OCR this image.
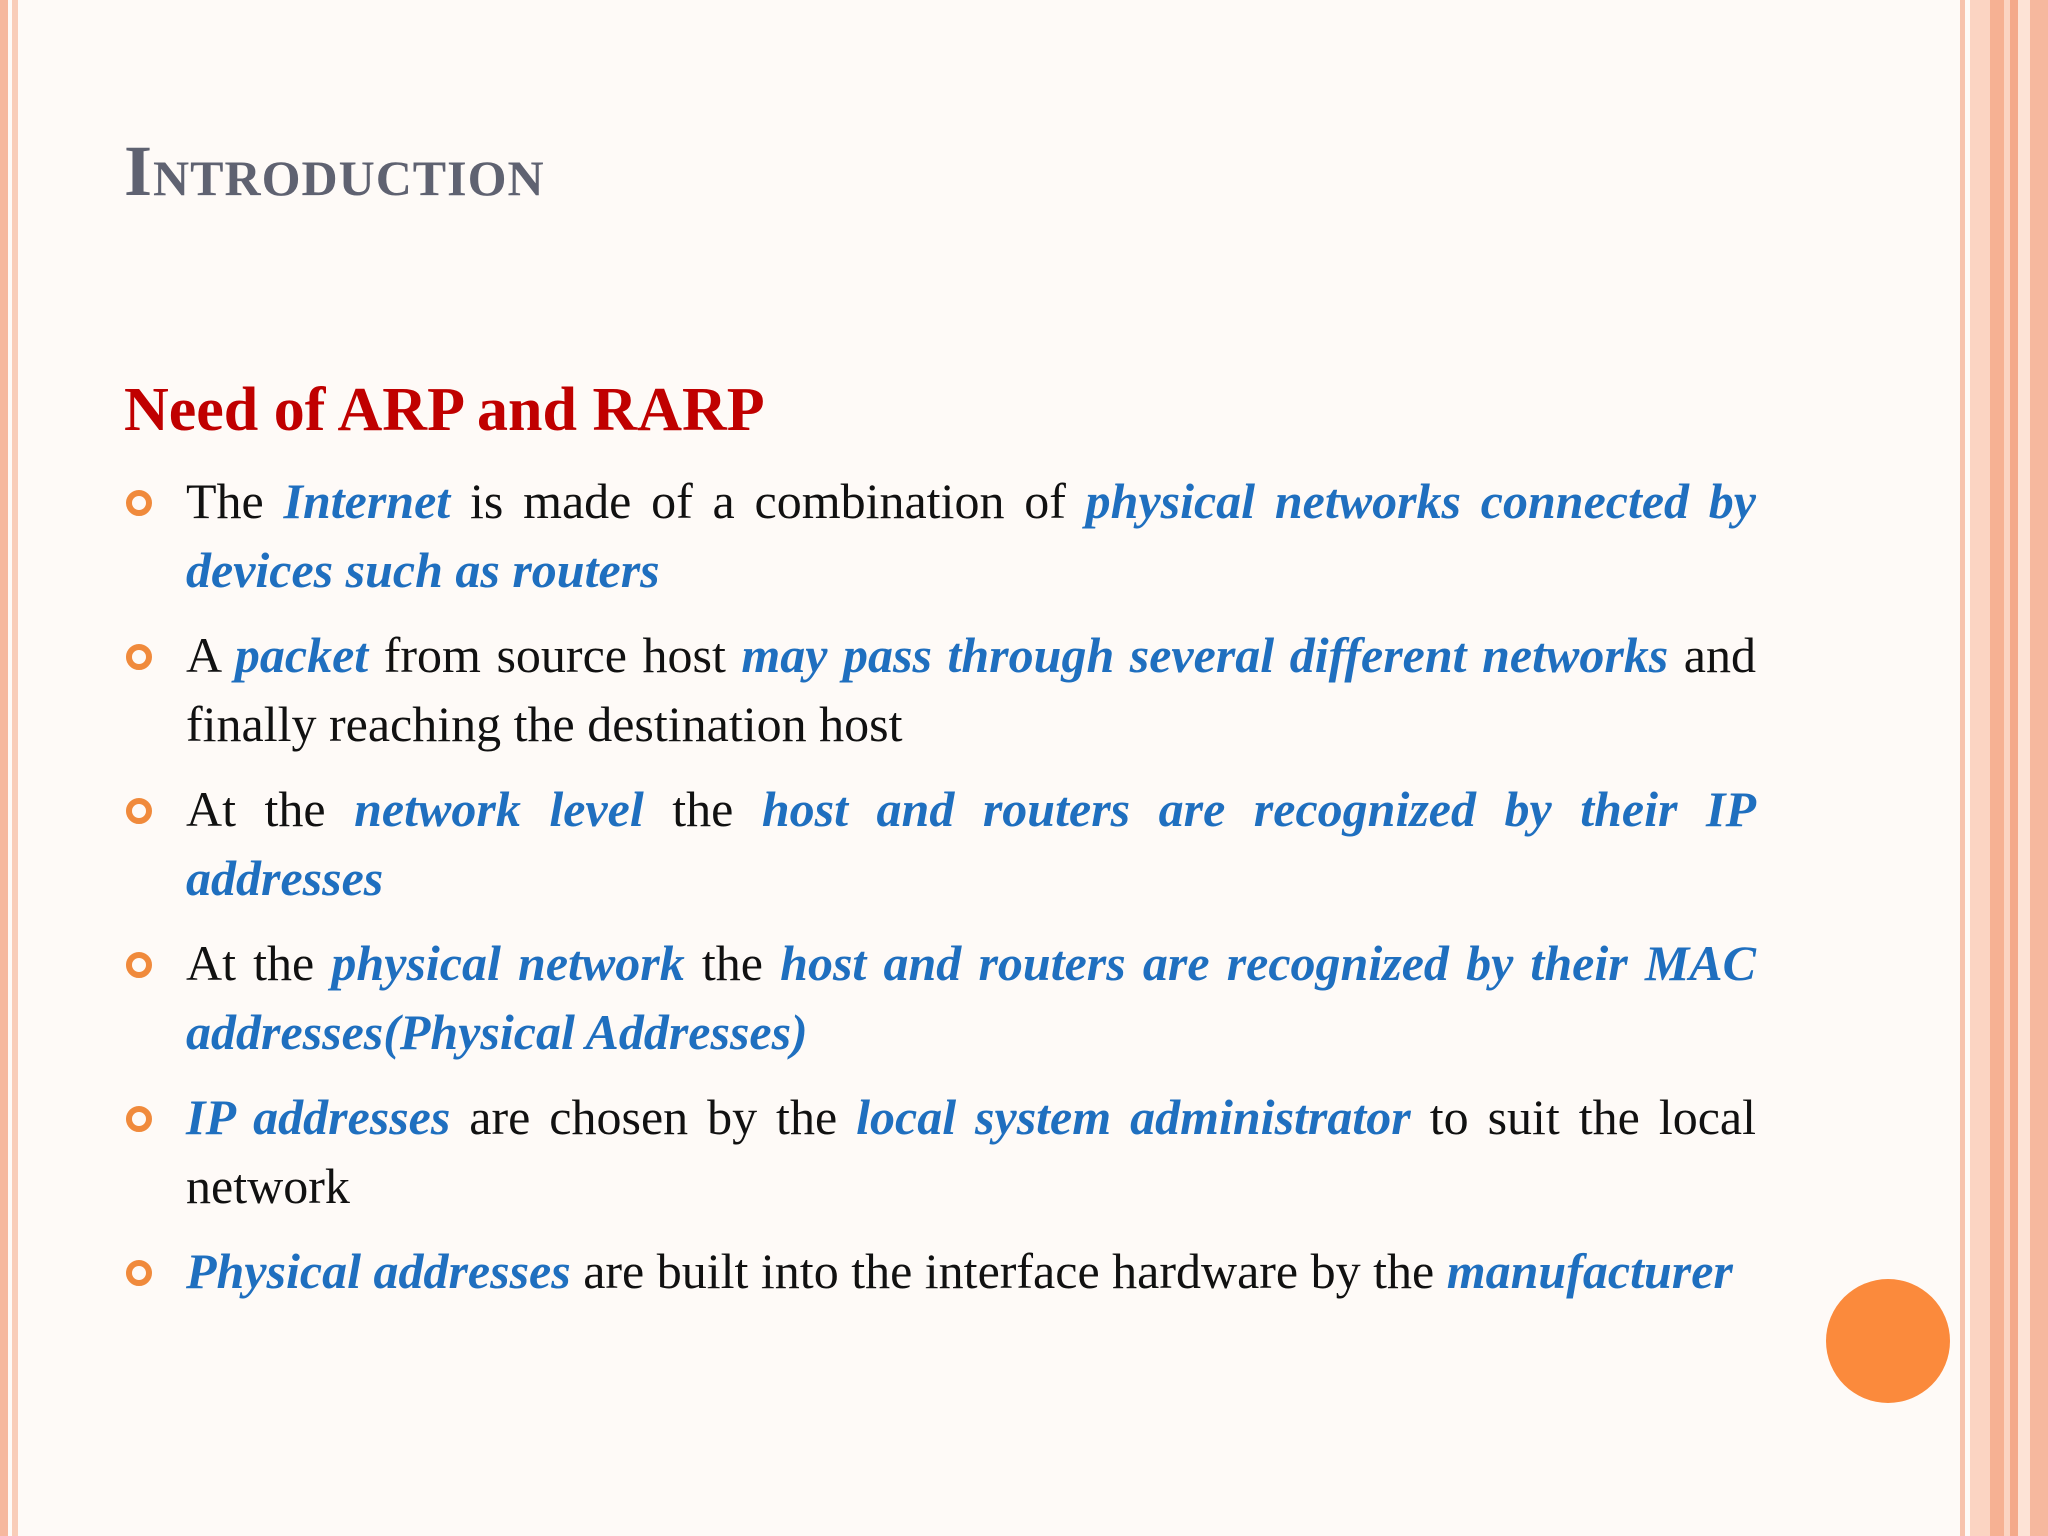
Introduction
Need of ARP and RARP
The Internet is made of a combination of physical networks connected by devices such as routers
A packet from source host may pass through several different networks and finally reaching the destination host
At the network level the host and routers are recognized by their IP addresses
At the physical network the host and routers are recognized by their MAC addresses(Physical Addresses)
IP addresses are chosen by the local system administrator to suit the local network
Physical addresses are built into the interface hardware by the manufacturer
